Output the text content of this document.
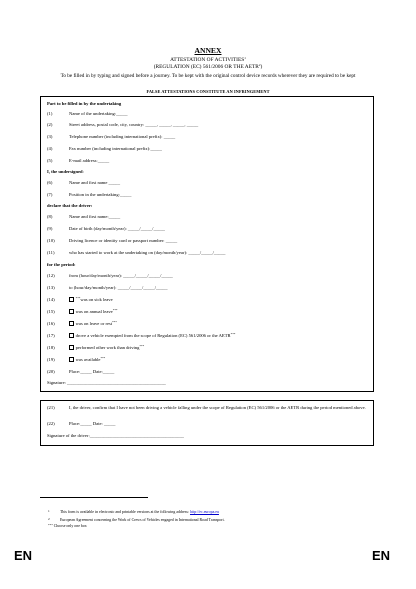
ANNEX
ATTESTATION OF ACTIVITIES$^1$
(REGULATION (EC) 561/2006 OR THE AETR$^2$)
To be filled in by typing and signed before a journey. To be kept with the original control device records wherever they are required to be kept
FALSE ATTESTATIONS CONSTITUTE AN INFRINGEMENT
Part to be filled in by the undertaking
(1)	Name of the undertaking:_____
(2)	Street address, postal code, city, country: _____, _____, _____, _____
(3)	Telephone number (including international prefix): _____
(4)	Fax number (including international prefix):_____
(5)	E-mail address:_____
I, the undersigned:
(6)	Name and first name _____
(7)	Position in the undertaking:_____
declare that the driver:
(8)	Name and first name:_____
(9)	Date of birth (day/month/year): _____/_____/_____
(10)	Driving licence or identity card or passport number: _____
(11)	who has started to work at the undertaking on (day/month/year): _____/_____/_____
for the period:
(12)	from (hour/day/month/year): _____/_____/_____/_____
(13)	to (hour/day/month/year): _____/_____/_____/_____
(14)	***was on sick leave
(15)	was on annual leave***
(16)	was on leave or rest***
(17)	drove a vehicle exempted from the scope of Regulation (EC) 561/2006 or the AETR***
(18)	performed other work than driving***
(19)	was available***
(20)	Place:_____ Date:_____
Signature: ___________________________________________
(21)	I, the driver, confirm that I have not been driving a vehicle falling under the scope of Regulation (EC) 561/2006 or the AETR during the period mentioned above.
(22)	Place:_____ Date: _____
Signature of the driver:_________________________________________
1	This form is available in electronic and printable versions at the following address: http://ec.europa.eu
2	European Agreement concerning the Work of Crews of Vehicles engaged in International Road Transport.
*** Choose only one box
EN	EN
